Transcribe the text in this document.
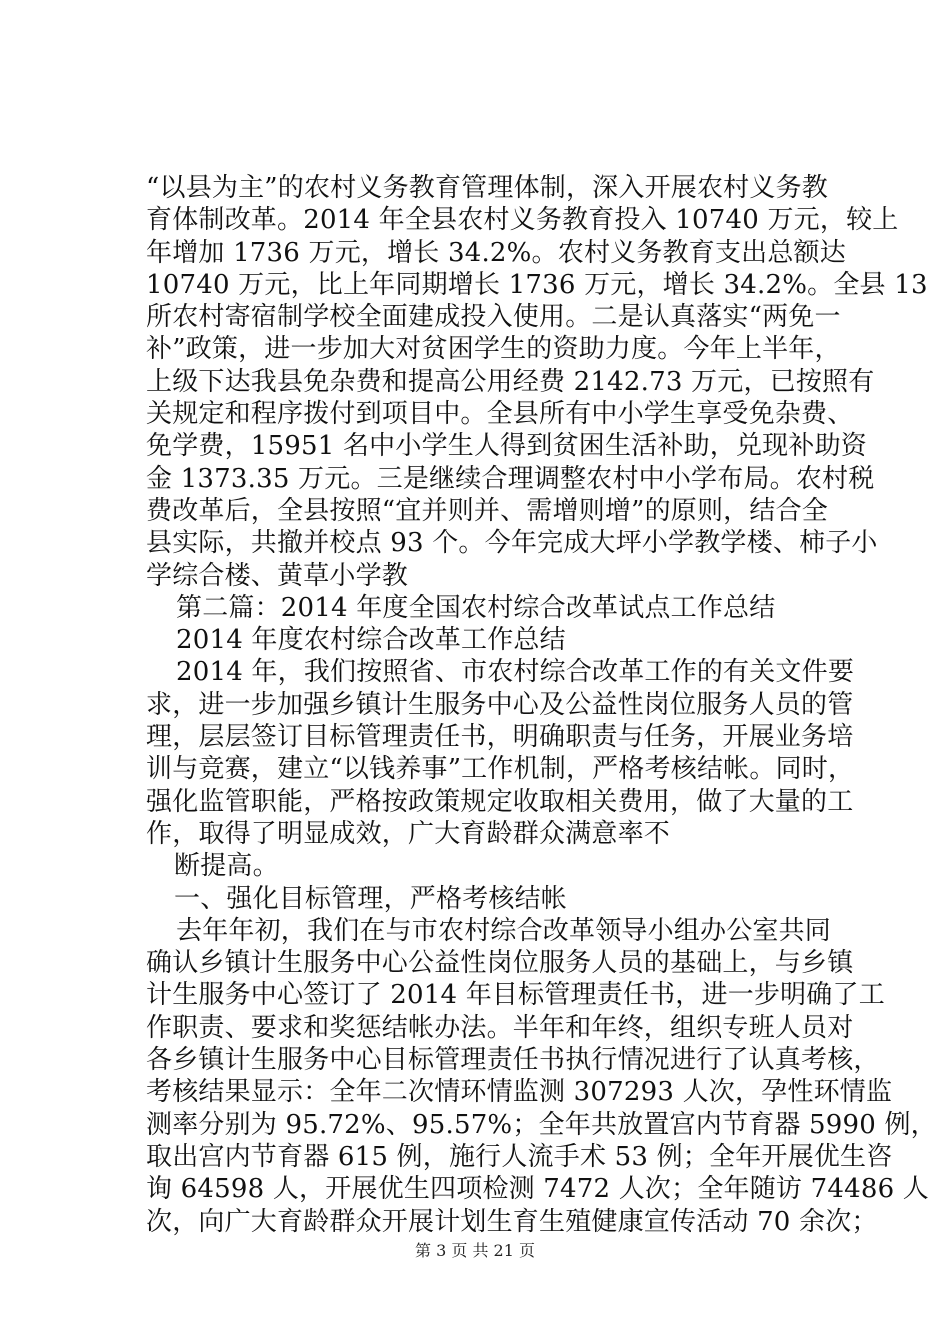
“以县为主”的农村义务教育管理体制，深入开展农村义务教
育体制改革。2014 年全县农村义务教育投入 10740 万元，较上
年增加 1736 万元，增长 34.2%。农村义务教育支出总额达
10740 万元，比上年同期增长 1736 万元，增长 34.2%。全县 13
所农村寄宿制学校全面建成投入使用。二是认真落实“两免一
补”政策，进一步加大对贫困学生的资助力度。今年上半年，
上级下达我县免杂费和提高公用经费 2142.73 万元，已按照有
关规定和程序拨付到项目中。全县所有中小学生享受免杂费、
免学费，15951 名中小学生人得到贫困生活补助，兑现补助资
金 1373.35 万元。三是继续合理调整农村中小学布局。农村税
费改革后，全县按照“宜并则并、需增则增”的原则，结合全
县实际，共撤并校点 93 个。今年完成大坪小学教学楼、柿子小
学综合楼、黄草小学教
第二篇：2014 年度全国农村综合改革试点工作总结
2014 年度农村综合改革工作总结
2014 年，我们按照省、市农村综合改革工作的有关文件要
求，进一步加强乡镇计生服务中心及公益性岗位服务人员的管
理，层层签订目标管理责任书，明确职责与任务，开展业务培
训与竞赛，建立“以钱养事”工作机制，严格考核结帐。同时，
强化监管职能，严格按政策规定收取相关费用，做了大量的工
作，取得了明显成效，广大育龄群众满意率不
断提高。
一、强化目标管理，严格考核结帐
去年年初，我们在与市农村综合改革领导小组办公室共同
确认乡镇计生服务中心公益性岗位服务人员的基础上，与乡镇
计生服务中心签订了 2014 年目标管理责任书，进一步明确了工
作职责、要求和奖惩结帐办法。半年和年终，组织专班人员对
各乡镇计生服务中心目标管理责任书执行情况进行了认真考核，
考核结果显示：全年二次情环情监测 307293 人次，孕性环情监
测率分别为 95.72%、95.57%；全年共放置宫内节育器 5990 例，
取出宫内节育器 615 例，施行人流手术 53 例；全年开展优生咨
询 64598 人，开展优生四项检测 7472 人次；全年随访 74486 人
次，向广大育龄群众开展计划生育生殖健康宣传活动 70 余次；
第 3 页 共 21 页
